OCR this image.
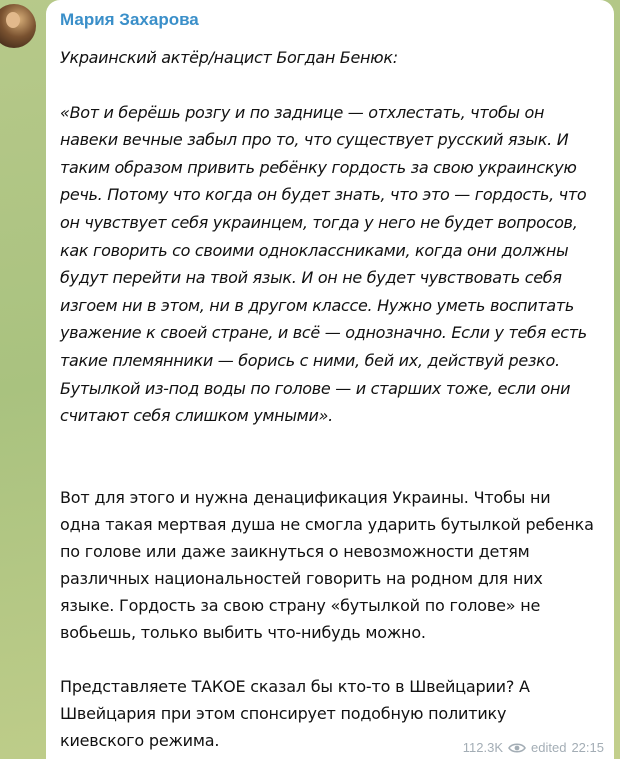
Мария Захарова
Украинский актёр/нацист Богдан Бенюк:
«Вот и берёшь розгу и по заднице — отхлестать, чтобы он
навеки вечные забыл про то, что существует русский язык. И
таким образом привить ребёнку гордость за свою украинскую
речь. Потому что когда он будет знать, что это — гордость, что
он чувствует себя украинцем, тогда у него не будет вопросов,
как говорить со своими одноклассниками, когда они должны
будут перейти на твой язык. И он не будет чувствовать себя
изгоем ни в этом, ни в другом классе. Нужно уметь воспитать
уважение к своей стране, и всё — однозначно. Если у тебя есть
такие племянники — борись с ними, бей их, действуй резко.
Бутылкой из-под воды по голове — и старших тоже, если они
считают себя слишком умными».
Вот для этого и нужна денацификация Украины. Чтобы ни
одна такая мертвая душа не смогла ударить бутылкой ребенка
по голове или даже заикнуться о невозможности детям
различных национальностей говорить на родном для них
языке. Гордость за свою страну «бутылкой по голове» не
вобьешь, только выбить что-нибудь можно.
Представляете ТАКОЕ сказал бы кто-то в Швейцарии? А
Швейцария при этом спонсирует подобную политику
киевского режима.	112.3K edited 22:15
